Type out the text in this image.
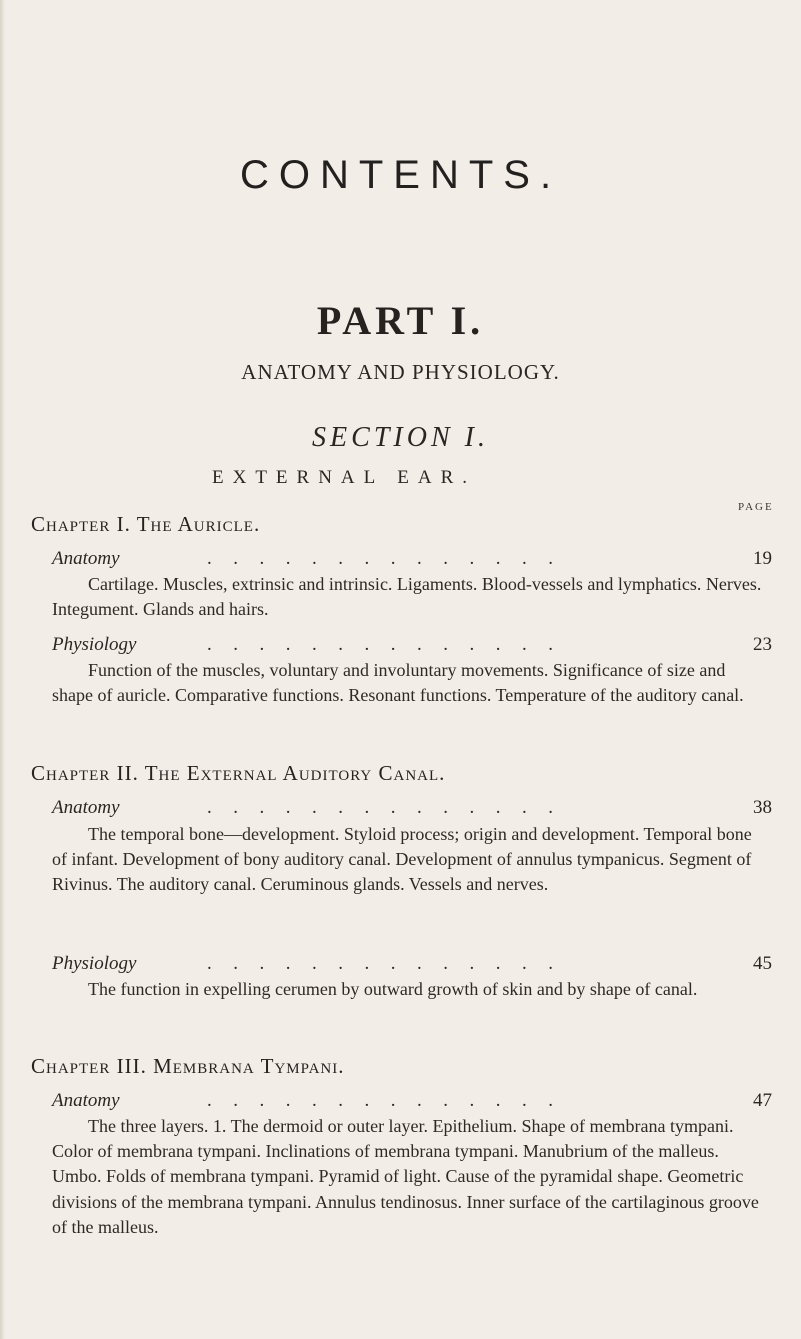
CONTENTS.
PART I.
ANATOMY AND PHYSIOLOGY.
SECTION I.
EXTERNAL EAR.
PAGE
Chapter I. The Auricle.
Anatomy	..............	19
Cartilage. Muscles, extrinsic and intrinsic. Ligaments. Blood-vessels and lymphatics. Nerves. Integument. Glands and hairs.
Physiology	..............	23
Function of the muscles, voluntary and involuntary movements. Significance of size and shape of auricle. Comparative functions. Resonant functions. Temperature of the auditory canal.
Chapter II. The External Auditory Canal.
Anatomy	..............	38
The temporal bone—development. Styloid process; origin and development. Temporal bone of infant. Development of bony auditory canal. Development of annulus tympanicus. Segment of Rivinus. The auditory canal. Ceruminous glands. Vessels and nerves.
Physiology	..............	45
The function in expelling cerumen by outward growth of skin and by shape of canal.
Chapter III. Membrana Tympani.
Anatomy	..............	47
The three layers. 1. The dermoid or outer layer. Epithelium. Shape of membrana tympani. Color of membrana tympani. Inclinations of membrana tympani. Manubrium of the malleus. Umbo. Folds of membrana tympani. Pyramid of light. Cause of the pyramidal shape. Geometric divisions of the membrana tympani. Annulus tendinosus. Inner surface of the cartilaginous groove of the malleus.
